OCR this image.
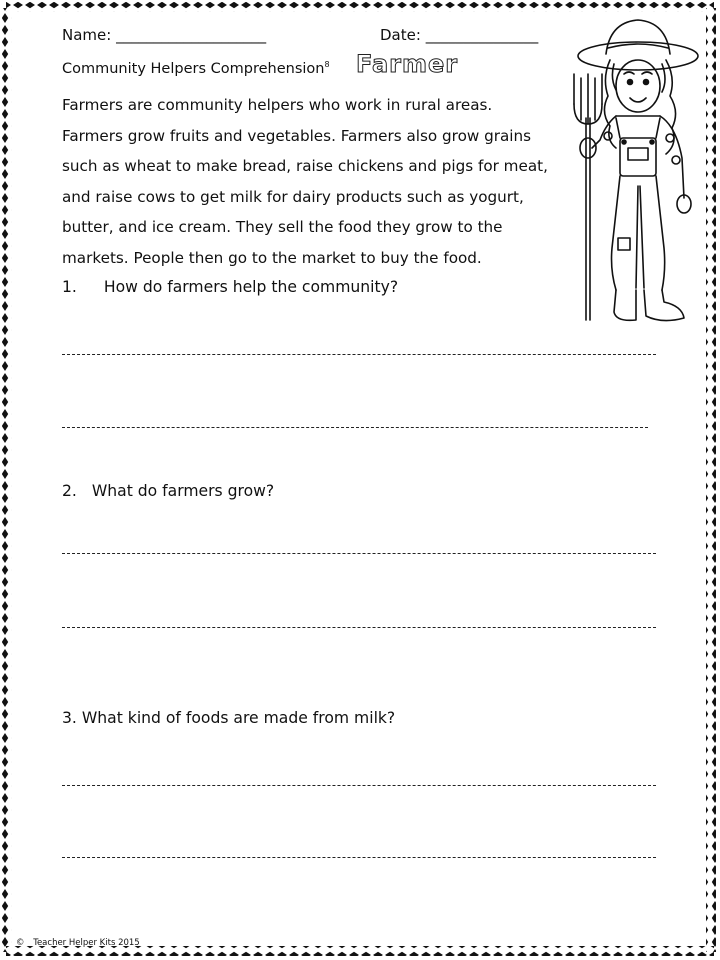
Name: ____________________	Date: _______________
Community Helpers Comprehension$^8$ Farmer

Farmers are community helpers who work in rural areas.

Farmers grow fruits and vegetables. Farmers also grow grains

such as wheat to make bread, raise chickens and pigs for meat,

and raise cows to get milk for dairy products such as yogurt,

butter, and ice cream. They sell the food they grow to the

markets. People then go to the market to buy the food.

1. How do farmers help the community?
2. What do farmers grow?
3. What kind of foods are made from milk?
© Teacher Helper Kits 2015
